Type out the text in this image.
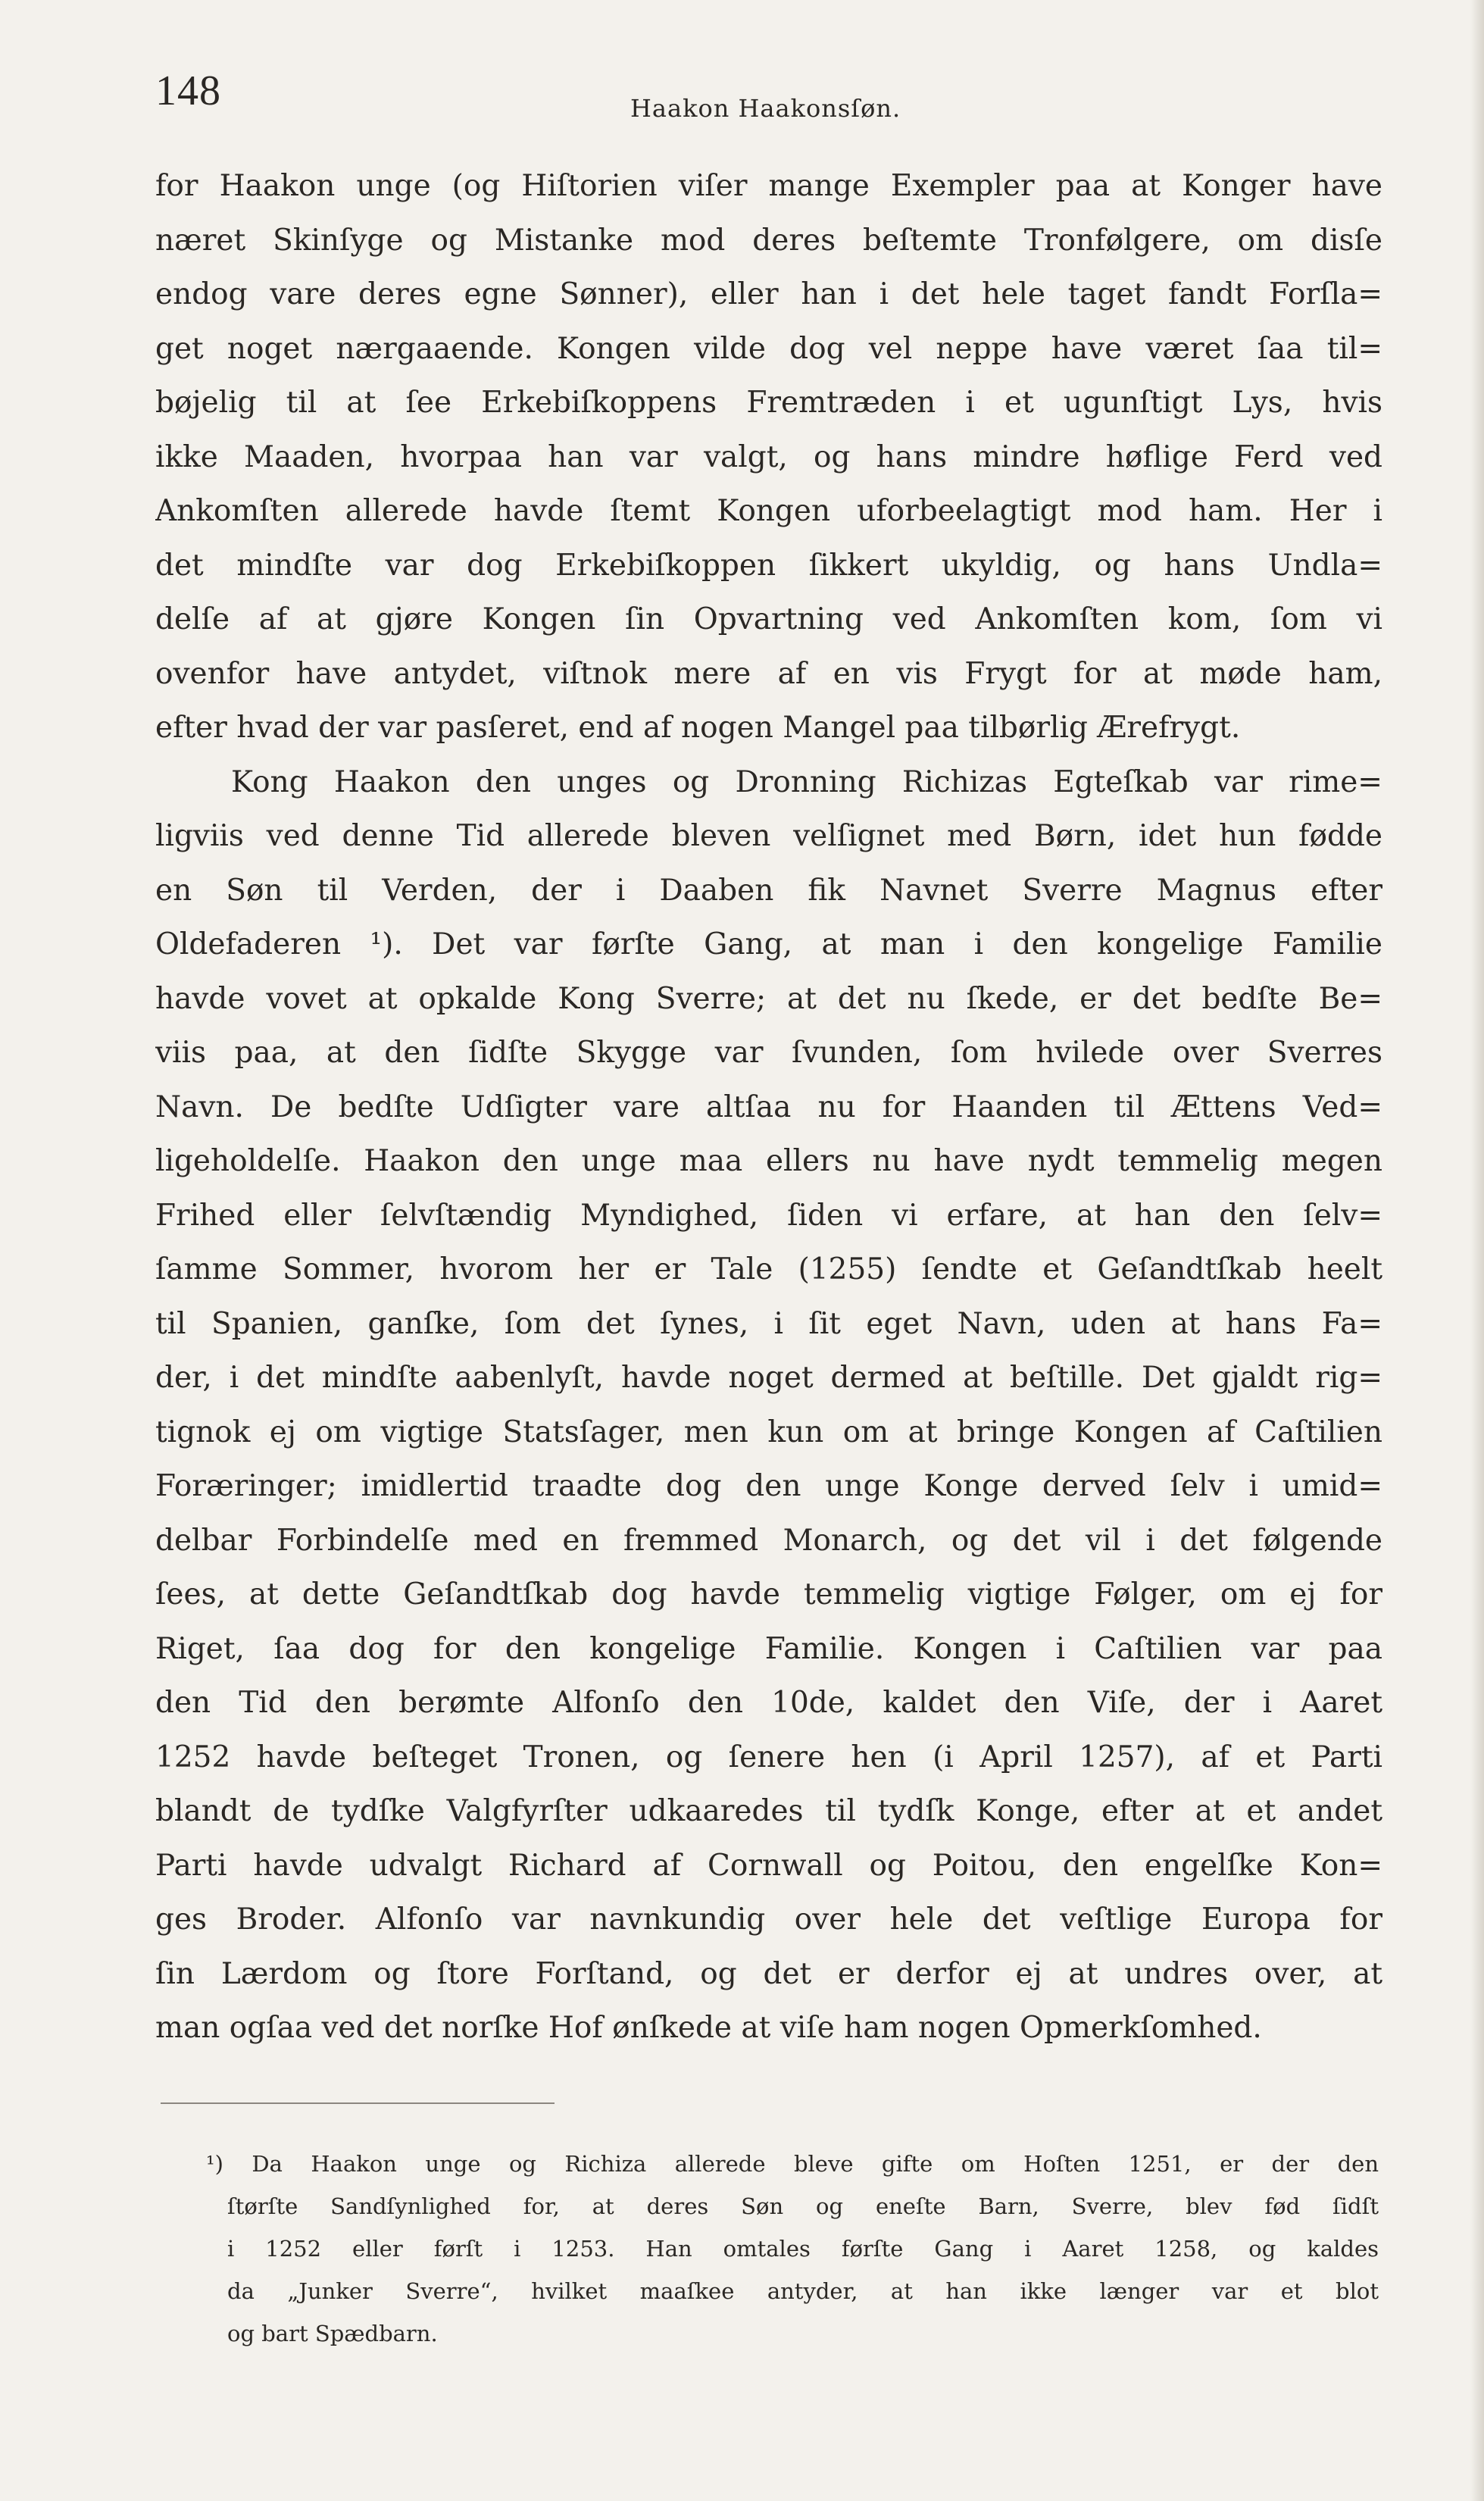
148	Haakon Haakonsſøn.
for Haakon unge (og Hiſtorien viſer mange Exempler paa at Konger have
næret Skinſyge og Mistanke mod deres beſtemte Tronfølgere, om disſe
endog vare deres egne Sønner), eller han i det hele taget fandt Forſla=
get noget nærgaaende. Kongen vilde dog vel neppe have været ſaa til=
bøjelig til at ſee Erkebiſkoppens Fremtræden i et ugunſtigt Lys, hvis
ikke Maaden, hvorpaa han var valgt, og hans mindre høflige Ferd ved
Ankomſten allerede havde ſtemt Kongen uforbeelagtigt mod ham. Her i
det mindſte var dog Erkebiſkoppen ſikkert ukyldig, og hans Undla=
delſe af at gjøre Kongen ſin Opvartning ved Ankomſten kom, ſom vi
ovenfor have antydet, viſtnok mere af en vis Frygt for at møde ham,
efter hvad der var pasſeret, end af nogen Mangel paa tilbørlig Ærefrygt.
Kong Haakon den unges og Dronning Richizas Egteſkab var rime=
ligviis ved denne Tid allerede bleven velſignet med Børn, idet hun fødde
en Søn til Verden, der i Daaben fik Navnet Sverre Magnus efter
Oldefaderen ¹). Det var førſte Gang, at man i den kongelige Familie
havde vovet at opkalde Kong Sverre; at det nu ſkede, er det bedſte Be=
viis paa, at den ſidſte Skygge var ſvunden, ſom hvilede over Sverres
Navn. De bedſte Udſigter vare altſaa nu for Haanden til Ættens Ved=
ligeholdelſe. Haakon den unge maa ellers nu have nydt temmelig megen
Frihed eller ſelvſtændig Myndighed, ſiden vi erfare, at han den ſelv=
ſamme Sommer, hvorom her er Tale (1255) ſendte et Geſandtſkab heelt
til Spanien, ganſke, ſom det ſynes, i ſit eget Navn, uden at hans Fa=
der, i det mindſte aabenlyſt, havde noget dermed at beſtille. Det gjaldt rig=
tignok ej om vigtige Statsſager, men kun om at bringe Kongen af Caſtilien
Foræringer; imidlertid traadte dog den unge Konge derved ſelv i umid=
delbar Forbindelſe med en fremmed Monarch, og det vil i det følgende
ſees, at dette Geſandtſkab dog havde temmelig vigtige Følger, om ej for
Riget, ſaa dog for den kongelige Familie. Kongen i Caſtilien var paa
den Tid den berømte Alfonſo den 10de, kaldet den Viſe, der i Aaret
1252 havde beſteget Tronen, og ſenere hen (i April 1257), af et Parti
blandt de tydſke Valgfyrſter udkaaredes til tydſk Konge, efter at et andet
Parti havde udvalgt Richard af Cornwall og Poitou, den engelſke Kon=
ges Broder. Alfonſo var navnkundig over hele det veſtlige Europa for
ſin Lærdom og ſtore Forſtand, og det er derfor ej at undres over, at
man ogſaa ved det norſke Hof ønſkede at viſe ham nogen Opmerkſomhed.
¹) Da Haakon unge og Richiza allerede bleve gifte om Hoſten 1251, er der den
ſtørſte Sandſynlighed for, at deres Søn og eneſte Barn, Sverre, blev fød ſidſt
i 1252 eller førſt i 1253. Han omtales førſte Gang i Aaret 1258, og kaldes
da „Junker Sverre“, hvilket maaſkee antyder, at han ikke længer var et blot
og bart Spædbarn.
